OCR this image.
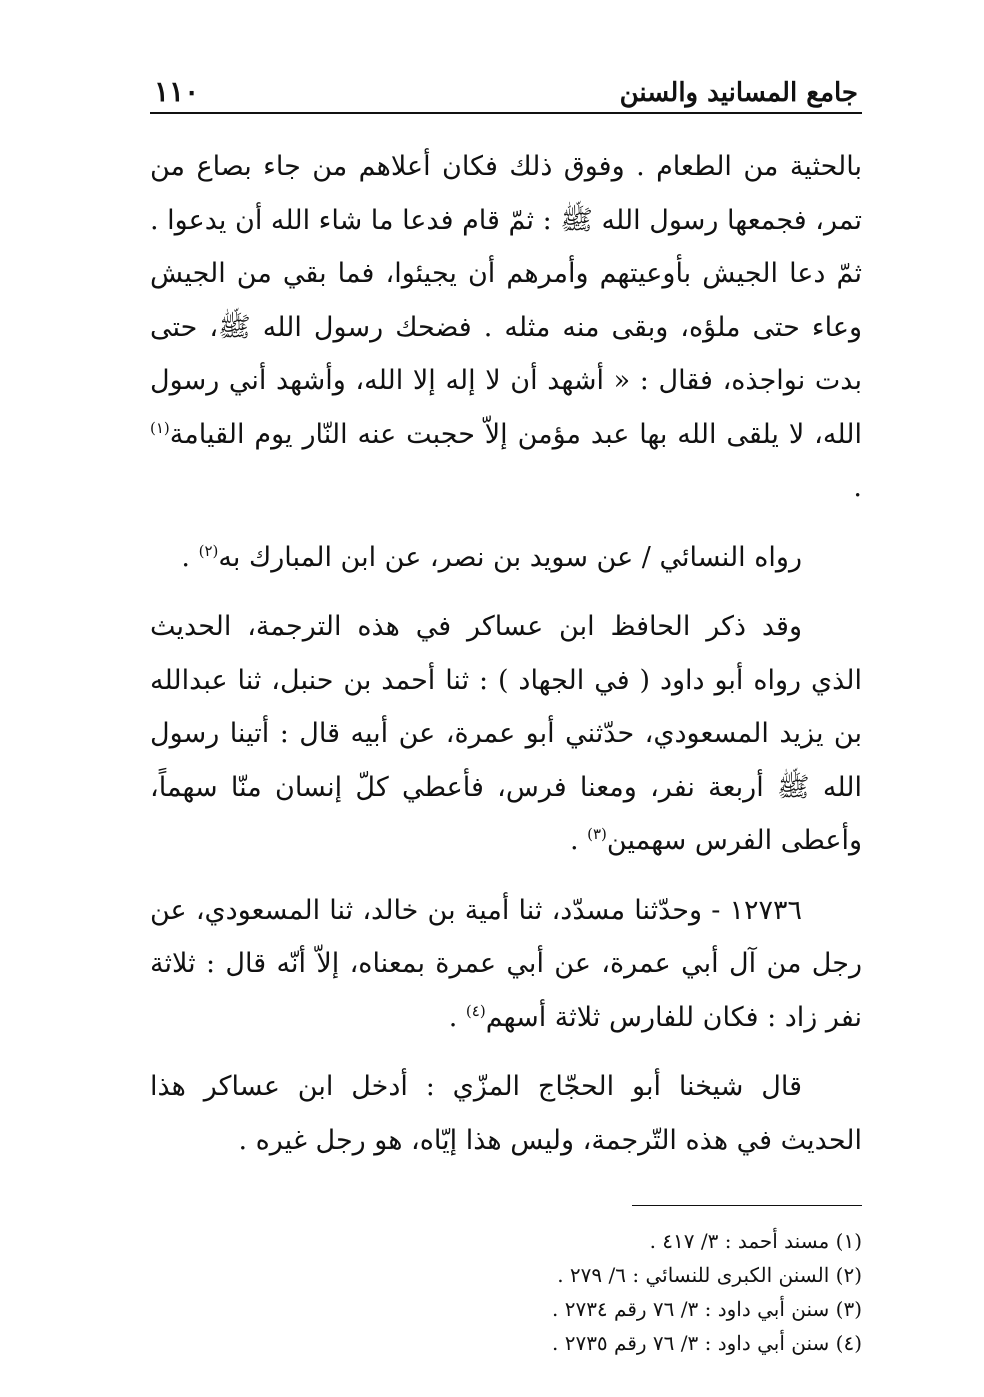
جامع المسانيد والسنن
١١٠

بالحثية من الطعام . وفوق ذلك فكان أعلاهم من جاء بصاع من تمر، فجمعها رسول الله ﷺ : ثمّ قام فدعا ما شاء الله أن يدعوا . ثمّ دعا الجيش بأوعيتهم وأمرهم أن يجيئوا، فما بقي من الجيش وعاء حتى ملؤه، وبقى منه مثله . فضحك رسول الله ﷺ، حتى بدت نواجذه، فقال : « أشهد أن لا إله إلا الله، وأشهد أني رسول الله، لا يلقى الله بها عبد مؤمن إلاّ حجبت عنه النّار يوم القيامة$^{(١)}$ .

رواه النسائي / عن سويد بن نصر، عن ابن المبارك به$^{(٢)}$ .

وقد ذكر الحافظ ابن عساكر في هذه الترجمة، الحديث الذي رواه أبو داود ( في الجهاد ) : ثنا أحمد بن حنبل، ثنا عبدالله بن يزيد المسعودي، حدّثني أبو عمرة، عن أبيه قال : أتينا رسول الله ﷺ أربعة نفر، ومعنا فرس، فأعطي كلّ إنسان منّا سهماً، وأعطى الفرس سهمين$^{(٣)}$ .

١٢٧٣٦ - وحدّثنا مسدّد، ثنا أمية بن خالد، ثنا المسعودي، عن رجل من آل أبي عمرة، عن أبي عمرة بمعناه، إلاّ أنّه قال : ثلاثة نفر زاد : فكان للفارس ثلاثة أسهم$^{(٤)}$ .

قال شيخنا أبو الحجّاج المزّي : أدخل ابن عساكر هذا الحديث في هذه التّرجمة، وليس هذا إيّاه، هو رجل غيره .

(١) مسند أحمد : ٣/ ٤١٧ .
(٢) السنن الكبرى للنسائي : ٦/ ٢٧٩ .
(٣) سنن أبي داود : ٣/ ٧٦ رقم ٢٧٣٤ .
(٤) سنن أبي داود : ٣/ ٧٦ رقم ٢٧٣٥ .
